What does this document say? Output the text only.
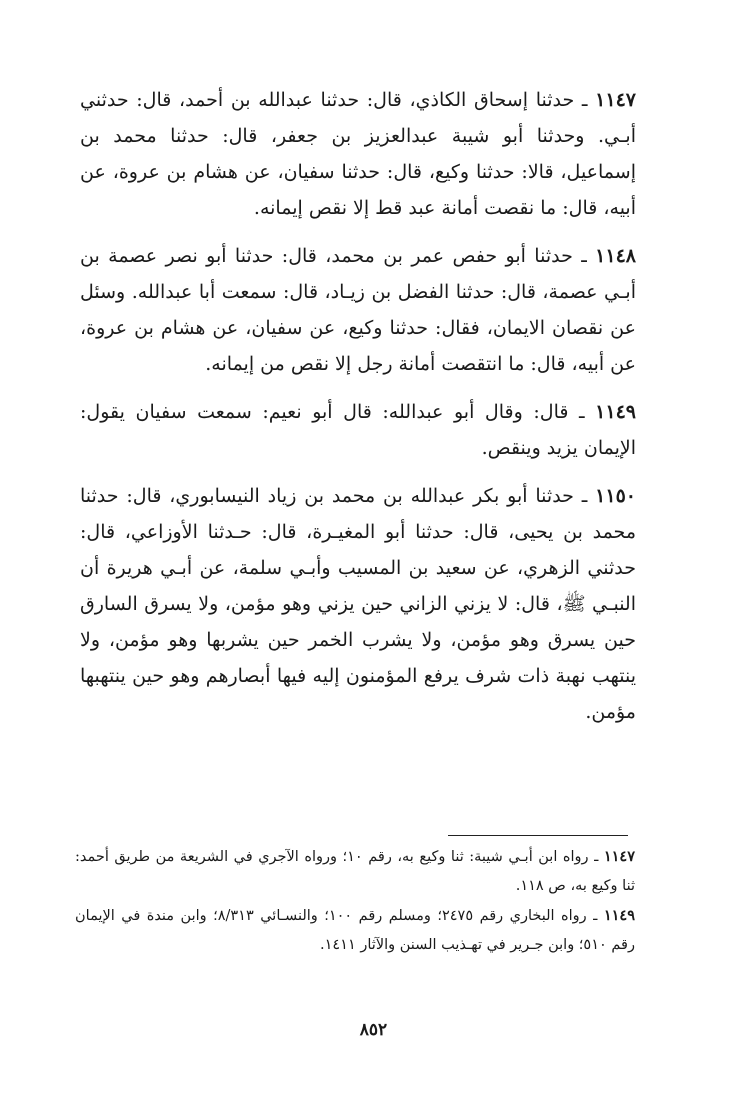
١١٤٧ ـ حدثنا إسحاق الكاذي، قال: حدثنا عبدالله بن أحمد، قال: حدثني أبـي. وحدثنا أبو شيبة عبدالعزيز بن جعفر، قال: حدثنا محمد بن إسماعيل، قالا: حدثنا وكيع، قال: حدثنا سفيان، عن هشام بن عروة، عن أبيه، قال: ما نقصت أمانة عبد قط إلا نقص إيمانه.

١١٤٨ ـ حدثنا أبو حفص عمر بن محمد، قال: حدثنا أبو نصر عصمة بن أبـي عصمة، قال: حدثنا الفضل بن زيـاد، قال: سمعت أبا عبدالله. وسئل عن نقصان الايمان، فقال: حدثنا وكيع، عن سفيان، عن هشام بن عروة، عن أبيه، قال: ما انتقصت أمانة رجل إلا نقص من إيمانه.

١١٤٩ ـ قال: وقال أبو عبدالله: قال أبو نعيم: سمعت سفيان يقول: الإيمان يزيد وينقص.

١١٥٠ ـ حدثنا أبو بكر عبدالله بن محمد بن زياد النيسابوري، قال: حدثنا محمد بن يحيى، قال: حدثنا أبو المغيـرة، قال: حـدثنا الأوزاعي، قال: حدثني الزهري، عن سعيد بن المسيب وأبـي سلمة، عن أبـي هريرة أن النبـي ﷺ، قال: لا يزني الزاني حين يزني وهو مؤمن، ولا يسرق السارق حين يسرق وهو مؤمن، ولا يشرب الخمر حين يشربها وهو مؤمن، ولا ينتهب نهبة ذات شرف يرفع المؤمنون إليه فيها أبصارهم وهو حين ينتهبها مؤمن.

١١٤٧ ـ رواه ابن أبـي شيبة: ثنا وكيع به، رقم ١٠؛ ورواه الآجري في الشريعة من طريق أحمد: ثنا وكيع به، ص ١١٨.

١١٤٩ ـ رواه البخاري رقم ٢٤٧٥؛ ومسلم رقم ١٠٠؛ والنسـائي ٨/٣١٣؛ وابن مندة في الإيمان رقم ٥١٠؛ وابن جـرير في تهـذيب السنن والآثار ١٤١١.

٨٥٢
